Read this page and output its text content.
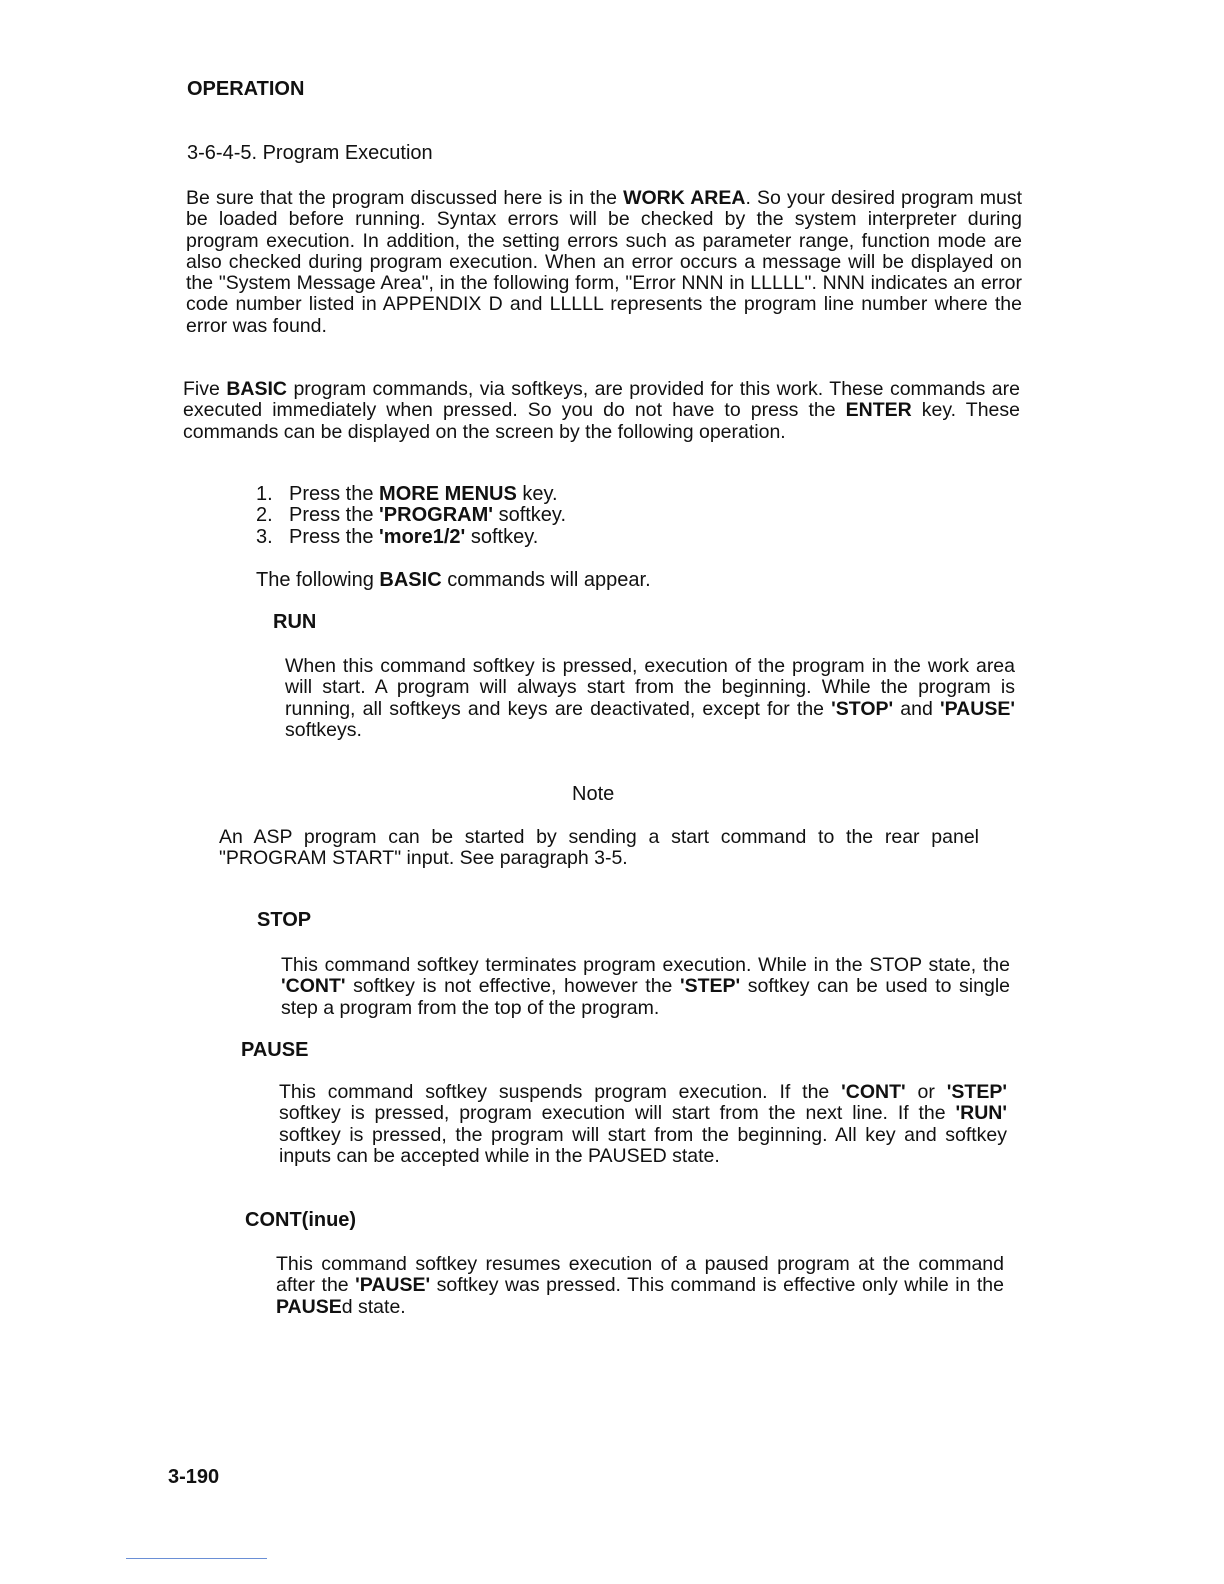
OPERATION
3-6-4-5. Program Execution
Be sure that the program discussed here is in the WORK AREA. So your desired program must be loaded before running. Syntax errors will be checked by the system interpreter during program execution. In addition, the setting errors such as parameter range, function mode are also checked during program execution. When an error occurs a message will be displayed on the "System Message Area", in the following form, "Error NNN in LLLLL". NNN indicates an error code number listed in APPENDIX D and LLLLL represents the program line number where the error was found.
Five BASIC program commands, via softkeys, are provided for this work. These commands are executed immediately when pressed. So you do not have to press the ENTER key. These commands can be displayed on the screen by the following operation.
1. Press the MORE MENUS key.
2. Press the 'PROGRAM' softkey.
3. Press the 'more1/2' softkey.
The following BASIC commands will appear.
RUN
When this command softkey is pressed, execution of the program in the work area will start. A program will always start from the beginning. While the program is running, all softkeys and keys are deactivated, except for the 'STOP' and 'PAUSE' softkeys.
Note
An ASP program can be started by sending a start command to the rear panel "PROGRAM START" input. See paragraph 3-5.
STOP
This command softkey terminates program execution. While in the STOP state, the 'CONT' softkey is not effective, however the 'STEP' softkey can be used to single step a program from the top of the program.
PAUSE
This command softkey suspends program execution. If the 'CONT' or 'STEP' softkey is pressed, program execution will start from the next line. If the 'RUN' softkey is pressed, the program will start from the beginning. All key and softkey inputs can be accepted while in the PAUSED state.
CONT(inue)
This command softkey resumes execution of a paused program at the command after the 'PAUSE' softkey was pressed. This command is effective only while in the PAUSEd state.
3-190
